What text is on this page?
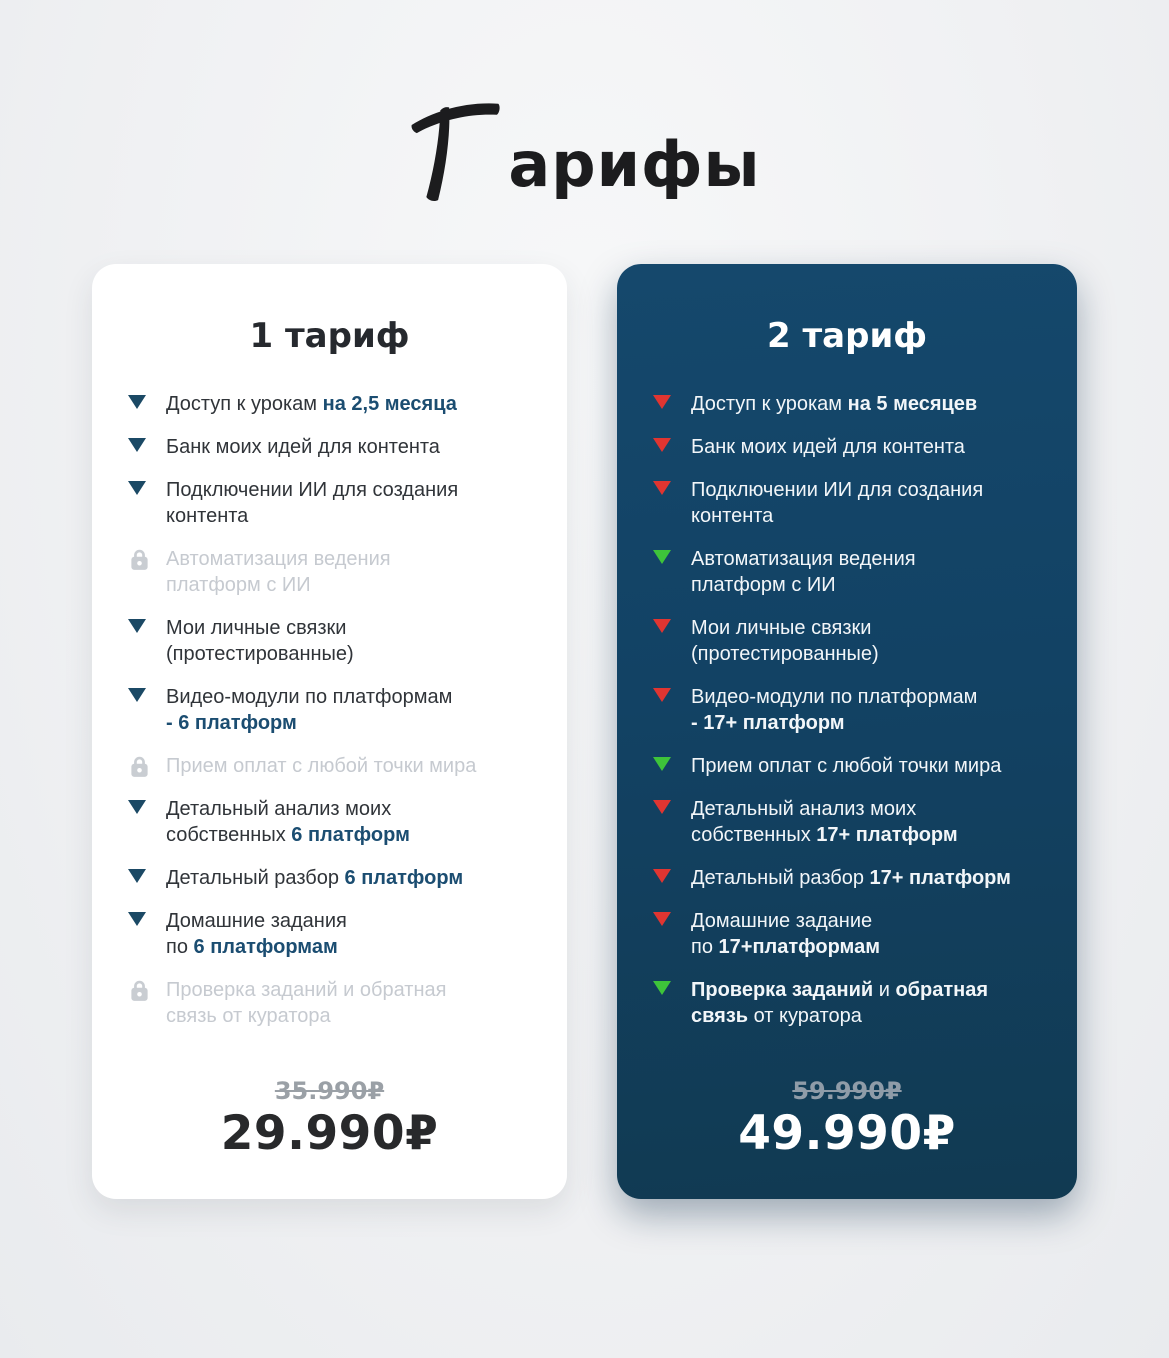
арифы
1 тариф
Доступ к урокам на 2,5 месяца
Банк моих идей для контента
Подключении ИИ для создания
контента
Автоматизация ведения
платформ с ИИ
Мои личные связки
(протестированные)
Видео-модули по платформам
- 6 платформ
Прием оплат с любой точки мира
Детальный анализ моих
собственных 6 платформ
Детальный разбор 6 платформ
Домашние задания
по 6 платформам
Проверка заданий и обратная
связь от куратора
35.990₽
29.990₽
2 тариф
Доступ к урокам на 5 месяцев
Банк моих идей для контента
Подключении ИИ для создания
контента
Автоматизация ведения
платформ с ИИ
Мои личные связки
(протестированные)
Видео-модули по платформам
- 17+ платформ
Прием оплат с любой точки мира
Детальный анализ моих
собственных 17+ платформ
Детальный разбор 17+ платформ
Домашние задание
по 17+платформам
Проверка заданий и обратная
связь от куратора
59.990₽
49.990₽
